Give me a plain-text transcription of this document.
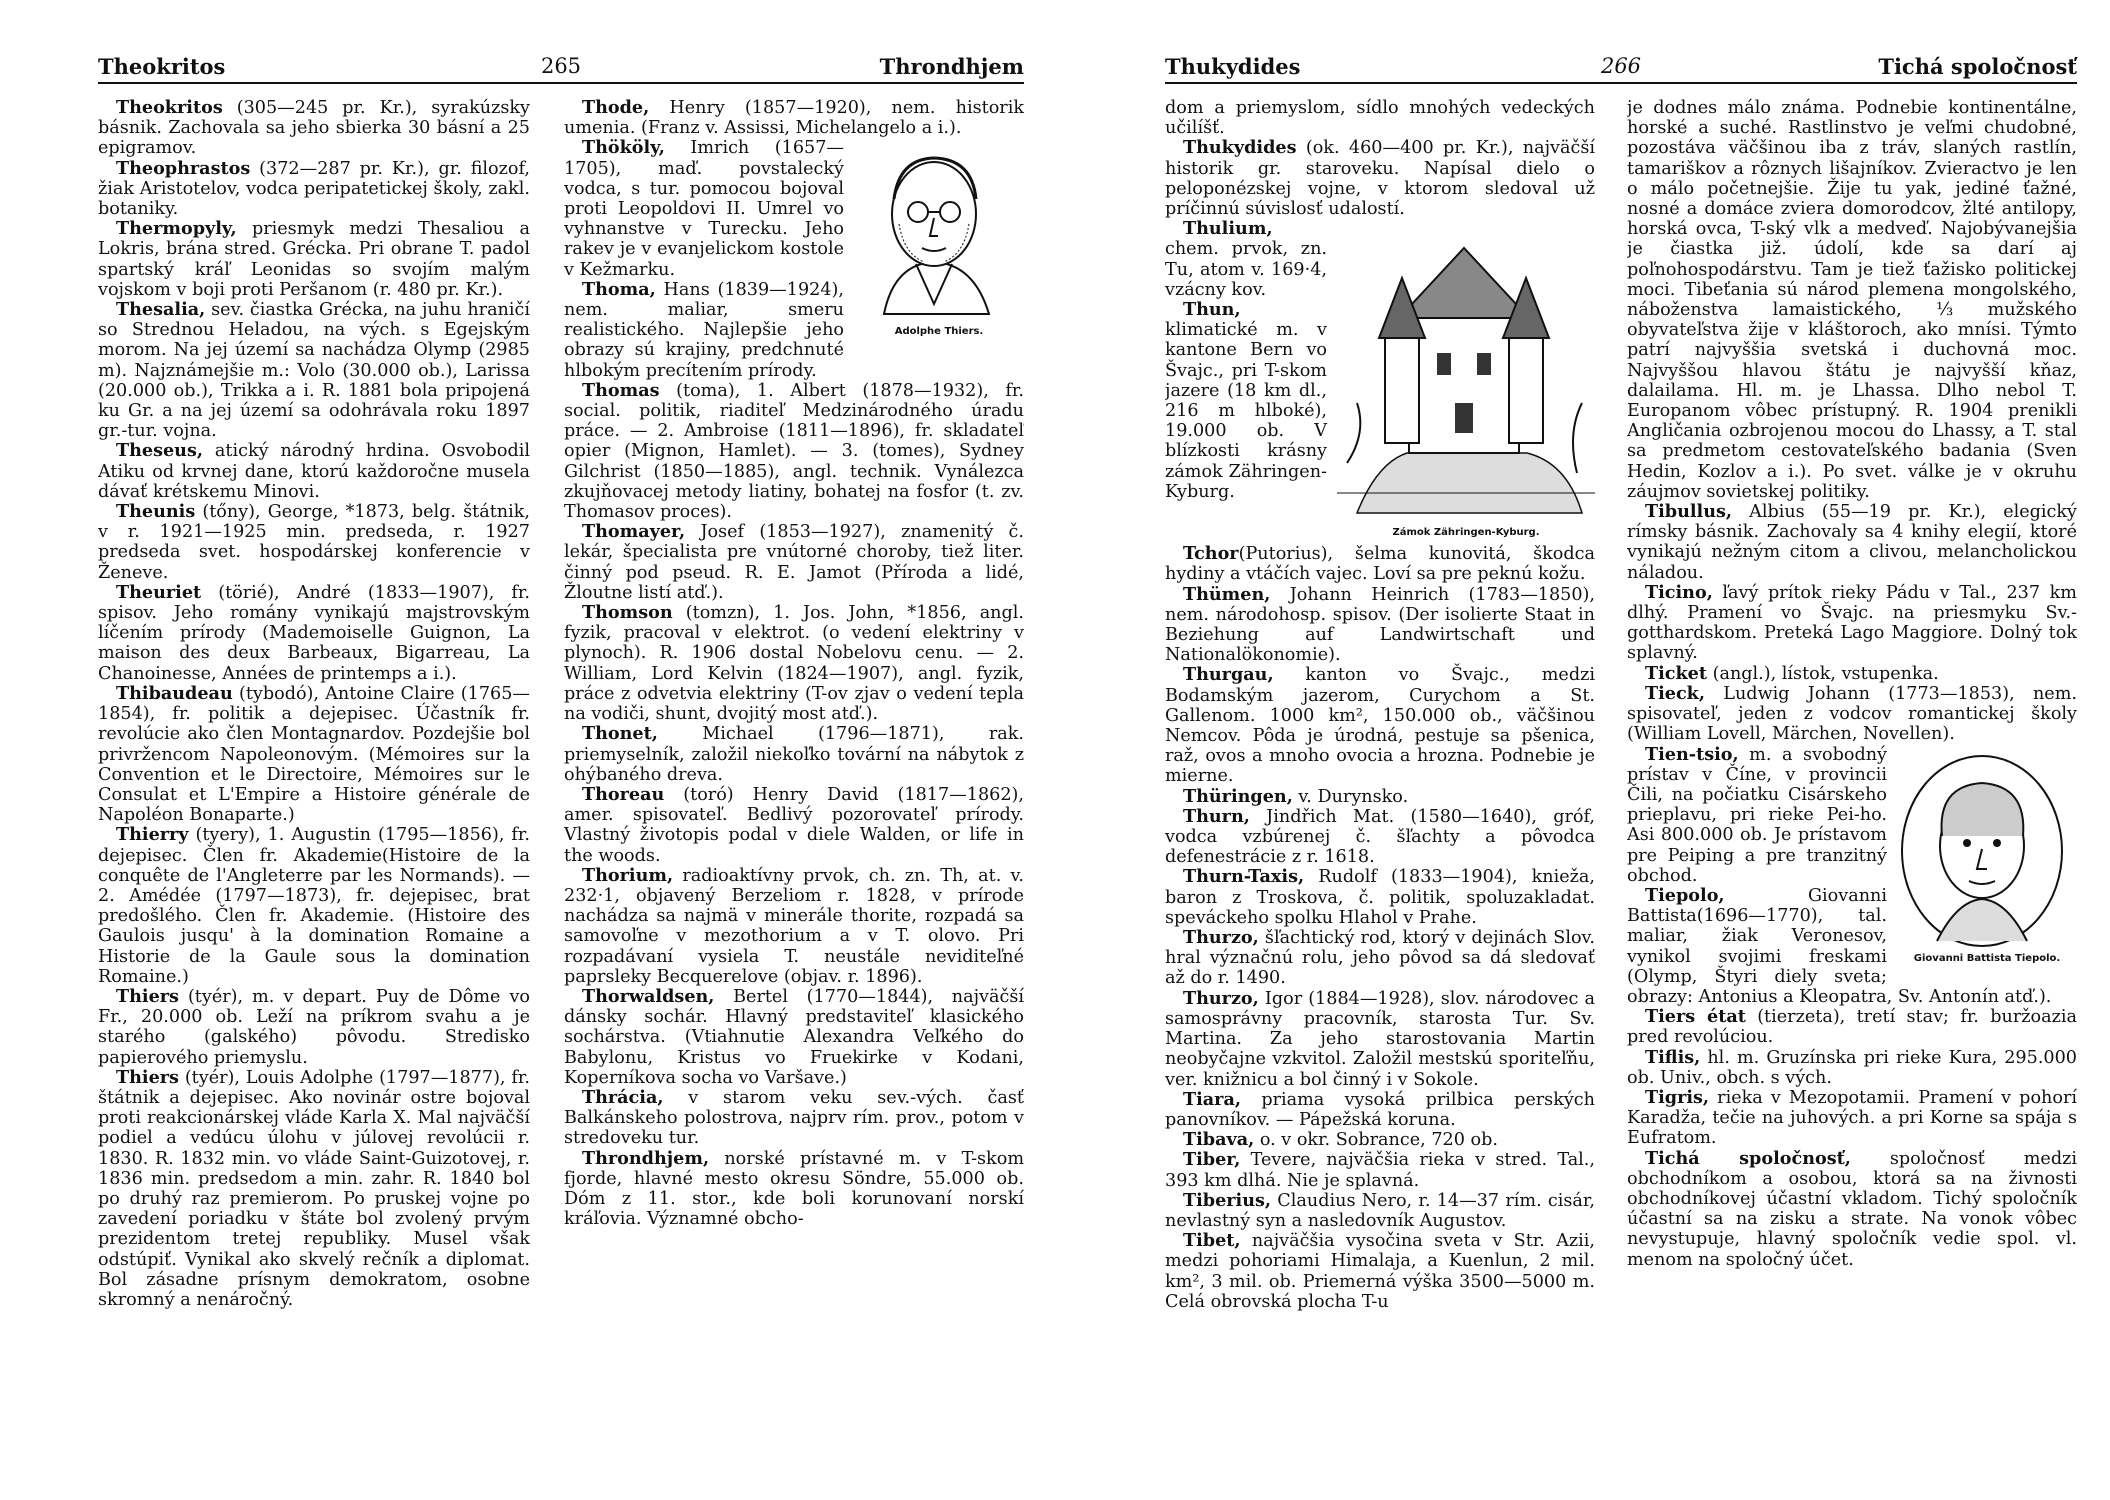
Theokritos	265	Throndhjem

Theokritos (305—245 pr. Kr.), syrakúzsky básnik. Zachovala sa jeho sbierka 30 básní a 25 epigramov.

Theophrastos (372—287 pr. Kr.), gr. filozof, žiak Aristotelov, vodca peripatetickej školy, zakl. botaniky.

Thermopyly, priesmyk medzi Thesaliou a Lokris, brána stred. Grécka. Pri obrane T. padol spartský kráľ Leonidas so svojím malým vojskom v boji proti Peršanom (r. 480 pr. Kr.).

Thesalia, sev. čiastka Grécka, na juhu hraničí so Strednou Heladou, na vých. s Egejským morom. Na jej území sa nachádza Olymp (2985 m). Najznámejšie m.: Volo (30.000 ob.), Larissa (20.000 ob.), Trikka a i. R. 1881 bola pripojená ku Gr. a na jej území sa odohrávala roku 1897 gr.-tur. vojna.

Theseus, atický národný hrdina. Osvobodil Atiku od krvnej dane, ktorú každoročne musela dávať krétskemu Minovi.

Theunis (tőny), George, *1873, belg. štátnik, v r. 1921—1925 min. predseda, r. 1927 predseda svet. hospodárskej konferencie v Ženeve.

Theuriet (törié), André (1833—1907), fr. spisov. Jeho romány vynikajú majstrovským líčením prírody (Mademoiselle Guignon, La maison des deux Barbeaux, Bigarreau, La Chanoinesse, Années de printemps a i.).

Thibaudeau (tybodó), Antoine Claire (1765—1854), fr. politik a dejepisec. Účastník fr. revolúcie ako člen Montagnardov. Pozdejšie bol privržencom Napoleonovým. (Mémoires sur la Convention et le Directoire, Mémoires sur le Consulat et L'Empire a Histoire générale de Napoléon Bonaparte.)

Thierry (tyery), 1. Augustin (1795—1856), fr. dejepisec. Člen fr. Akademie(Histoire de la conquête de l'Angleterre par les Normands). — 2. Amédée (1797—1873), fr. dejepisec, brat predošlého. Člen fr. Akademie. (Histoire des Gaulois jusqu' à la domination Romaine a Historie de la Gaule sous la domination Romaine.)

Thiers (tyér), m. v depart. Puy de Dôme vo Fr., 20.000 ob. Leží na príkrom svahu a je starého (galského) pôvodu. Stredisko papierového priemyslu.

Thiers (tyér), Louis Adolphe (1797—1877), fr. štátnik a dejepisec. Ako novinár ostre bojoval proti reakcionárskej vláde Karla X. Mal najväčší podiel a vedúcu úlohu v júlovej revolúcii r. 1830. R. 1832 min. vo vláde Saint-Guizotovej, r. 1836 min. predsedom a min. zahr. R. 1840 bol po druhý raz premierom. Po pruskej vojne po zavedení poriadku v štáte bol zvolený prvým prezidentom tretej republiky. Musel však odstúpiť. Vynikal ako skvelý rečník a diplomat. Bol zásadne prísnym demokratom, osobne skromný a nenáročný.

Thode, Henry (1857—1920), nem. historik umenia. (Franz v. Assissi, Michelangelo a i.).

Adolphe Thiers.

Thököly, Imrich (1657—1705), maď. povstalecký vodca, s tur. pomocou bojoval proti Leopoldovi II. Umrel vo vyhnanstve v Turecku. Jeho rakev je v evanjelickom kostole v Kežmarku.

Thoma, Hans (1839—1924), nem. maliar, smeru realistického. Najlepšie jeho obrazy sú krajiny, predchnuté hlbokým precítením prírody.

Thomas (toma), 1. Albert (1878—1932), fr. social. politik, riaditeľ Medzinárodného úradu práce. — 2. Ambroise (1811—1896), fr. skladateľ opier (Mignon, Hamlet). — 3. (tomes), Sydney Gilchrist (1850—1885), angl. technik. Vynálezca zkujňovacej metody liatiny, bohatej na fosfor (t. zv. Thomasov proces).

Thomayer, Josef (1853—1927), znamenitý č. lekár, špecialista pre vnútorné choroby, tiež liter. činný pod pseud. R. E. Jamot (Příroda a lidé, Žloutne listí atď.).

Thomson (tomzn), 1. Jos. John, *1856, angl. fyzik, pracoval v elektrot. (o vedení elektriny v plynoch). R. 1906 dostal Nobelovu cenu. — 2. William, Lord Kelvin (1824—1907), angl. fyzik, práce z odvetvia elektriny (T-ov zjav o vedení tepla na vodiči, shunt, dvojitý most atď.).

Thonet, Michael (1796—1871), rak. priemyselník, založil niekoľko tovární na nábytok z ohýbaného dreva.

Thoreau (toró) Henry David (1817—1862), amer. spisovateľ. Bedlivý pozorovateľ prírody. Vlastný životopis podal v diele Walden, or life in the woods.

Thorium, radioaktívny prvok, ch. zn. Th, at. v. 232·1, objavený Berzeliom r. 1828, v prírode nachádza sa najmä v minerále thorite, rozpadá sa samovoľne v mezothorium a v T. olovo. Pri rozpadávaní vysiela T. neustále neviditeľné paprsleky Becquerelove (objav. r. 1896).

Thorwaldsen, Bertel (1770—1844), najväčší dánsky sochár. Hlavný predstaviteľ klasického sochárstva. (Vtiahnutie Alexandra Veľkého do Babylonu, Kristus vo Fruekirke v Kodani, Koperníkova socha vo Varšave.)

Thrácia, v starom veku sev.-vých. časť Balkánskeho polostrova, najprv rím. prov., potom v stredoveku tur.

Throndhjem, norské prístavné m. v T-skom fjorde, hlavné mesto okresu Söndre, 55.000 ob. Dóm z 11. stor., kde boli korunovaní norskí kráľovia. Významné obcho-

Thukydides	266	Tichá spoločnosť

dom a priemyslom, sídlo mnohých vedeckých učilíšť.

Thukydides (ok. 460—400 pr. Kr.), najväčší historik gr. staroveku. Napísal dielo o peloponézskej vojne, v ktorom sledoval už príčinnú súvislosť udalostí.

Zámok Zähringen-Kyburg.

Thulium, chem. prvok, zn. Tu, atom v. 169·4, vzácny kov.

Thun, klimatické m. v kantone Bern vo Švajc., pri T-skom jazere (18 km dl., 216 m hlboké), 19.000 ob. V blízkosti krásny zámok Zähringen-Kyburg.

Tchor(Putorius), šelma kunovitá, škodca hydiny a vtáčích vajec. Loví sa pre peknú kožu.

Thümen, Johann Heinrich (1783—1850), nem. národohosp. spisov. (Der isolierte Staat in Beziehung auf Landwirtschaft und Nationalökonomie).

Thurgau, kanton vo Švajc., medzi Bodamským jazerom, Curychom a St. Gallenom. 1000 km², 150.000 ob., väčšinou Nemcov. Pôda je úrodná, pestuje sa pšenica, raž, ovos a mnoho ovocia a hrozna. Podnebie je mierne.

Thüringen, v. Durynsko.

Thurn, Jindřich Mat. (1580—1640), gróf, vodca vzbúrenej č. šľachty a pôvodca defenestrácie z r. 1618.

Thurn-Taxis, Rudolf (1833—1904), knieža, baron z Troskova, č. politik, spoluzakladat. speváckeho spolku Hlahol v Prahe.

Thurzo, šľachtický rod, ktorý v dejinách Slov. hral význačnú rolu, jeho pôvod sa dá sledovať až do r. 1490.

Thurzo, Igor (1884—1928), slov. národovec a samosprávny pracovník, starosta Tur. Sv. Martina. Za jeho starostovania Martin neobyčajne vzkvitol. Založil mestskú sporiteľňu, ver. knižnicu a bol činný i v Sokole.

Tiara, priama vysoká prilbica perských panovníkov. — Pápežská koruna.

Tibava, o. v okr. Sobrance, 720 ob.

Tiber, Tevere, najväčšia rieka v stred. Tal., 393 km dlhá. Nie je splavná.

Tiberius, Claudius Nero, r. 14—37 rím. cisár, nevlastný syn a nasledovník Augustov.

Tibet, najväčšia vysočina sveta v Str. Azii, medzi pohoriami Himalaja, a Kuenlun, 2 mil. km², 3 mil. ob. Priemerná výška 3500—5000 m. Celá obrovská plocha T-u

je dodnes málo známa. Podnebie kontinentálne, horské a suché. Rastlinstvo je veľmi chudobné, pozostáva väčšinou iba z tráv, slaných rastlín, tamariškov a rôznych lišajníkov. Zvieractvo je len o málo početnejšie. Žije tu yak, jediné ťažné, nosné a domáce zviera domorodcov, žlté antilopy, horská ovca, T-ský vlk a medveď. Najobývanejšia je čiastka již. údolí, kde sa darí aj poľnohospodárstvu. Tam je tiež ťažisko politickej moci. Tibeťania sú národ plemena mongolského, náboženstva lamaistického, ⅓ mužského obyvateľstva žije v kláštoroch, ako mnísi. Týmto patrí najvyššia svetská i duchovná moc. Najvyššou hlavou štátu je najvyšší kňaz, dalailama. Hl. m. je Lhassa. Dlho nebol T. Europanom vôbec prístupný. R. 1904 prenikli Angličania ozbrojenou mocou do Lhassy, a T. stal sa predmetom cestovateľského badania (Sven Hedin, Kozlov a i.). Po svet. válke je v okruhu záujmov sovietskej politiky.

Tibullus, Albius (55—19 pr. Kr.), elegický rímsky básnik. Zachovaly sa 4 knihy elegií, ktoré vynikajú nežným citom a clivou, melancholickou náladou.

Ticino, ľavý prítok rieky Pádu v Tal., 237 km dlhý. Pramení vo Švajc. na priesmyku Sv.-gotthardskom. Preteká Lago Maggiore. Dolný tok splavný.

Ticket (angl.), lístok, vstupenka.

Tieck, Ludwig Johann (1773—1853), nem. spisovateľ, jeden z vodcov romantickej školy (William Lovell, Märchen, Novellen).

Giovanni Battista Tiepolo.

Tien-tsio, m. a svobodný prístav v Číne, v provincii Čili, na počiatku Cisárskeho prieplavu, pri rieke Pei-ho. Asi 800.000 ob. Je prístavom pre Peiping a pre tranzitný obchod.

Tiepolo, Giovanni Battista(1696—1770), tal. maliar, žiak Veronesov, vynikol svojimi freskami (Olymp, Štyri diely sveta; obrazy: Antonius a Kleopatra, Sv. Antonín atď.).

Tiers état (tierzeta), tretí stav; fr. buržoazia pred revolúciou.

Tiflis, hl. m. Gruzínska pri rieke Kura, 295.000 ob. Univ., obch. s vých.

Tigris, rieka v Mezopotamii. Pramení v pohorí Karadža, tečie na juhových. a pri Korne sa spája s Eufratom.

Tichá spoločnosť, spoločnosť medzi obchodníkom a osobou, ktorá sa na živnosti obchodníkovej účastní vkladom. Tichý spoločník účastní sa na zisku a strate. Na vonok vôbec nevystupuje, hlavný spoločník vedie spol. vl. menom na spoločný účet.
